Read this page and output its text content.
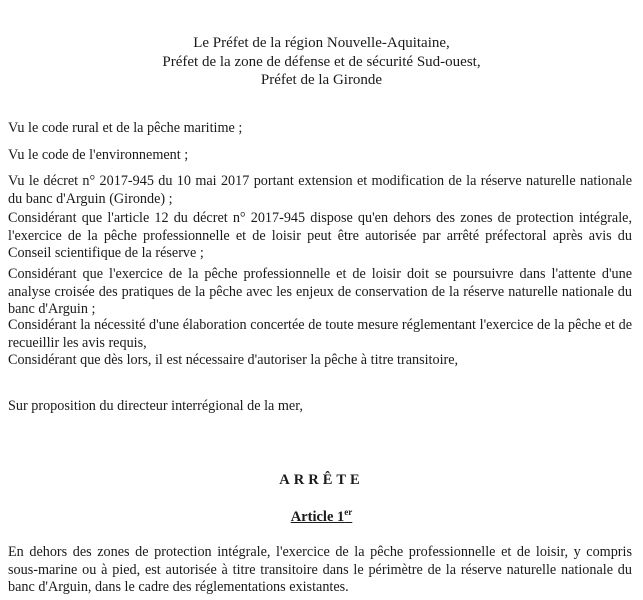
Le Préfet de la région Nouvelle-Aquitaine,
Préfet de la zone de défense et de sécurité Sud-ouest,
Préfet de la Gironde
Vu le code rural et de la pêche maritime ;
Vu le code de l'environnement ;
Vu le décret n° 2017-945 du 10 mai 2017 portant extension et modification de la réserve naturelle nationale du banc d'Arguin (Gironde) ;
Considérant que l'article 12 du décret n° 2017-945 dispose qu'en dehors des zones de protection intégrale, l'exercice de la pêche professionnelle et de loisir peut être autorisée par arrêté préfectoral après avis du Conseil scientifique de la réserve ;
Considérant que l'exercice de la pêche professionnelle et de loisir doit se poursuivre dans l'attente d'une analyse croisée des pratiques de la pêche avec les enjeux de conservation de la réserve naturelle nationale du banc d'Arguin ;
Considérant la nécessité d'une élaboration concertée de toute mesure réglementant l'exercice de la pêche et de recueillir les avis requis,
Considérant que dès lors, il est nécessaire d'autoriser la pêche à titre transitoire,
Sur proposition du directeur interrégional de la mer,
ARRÊTE
Article 1er
En dehors des zones de protection intégrale, l'exercice de la pêche professionnelle et de loisir, y compris sous-marine ou à pied, est autorisée à titre transitoire dans le périmètre de la réserve naturelle nationale du banc d'Arguin, dans le cadre des réglementations existantes.
